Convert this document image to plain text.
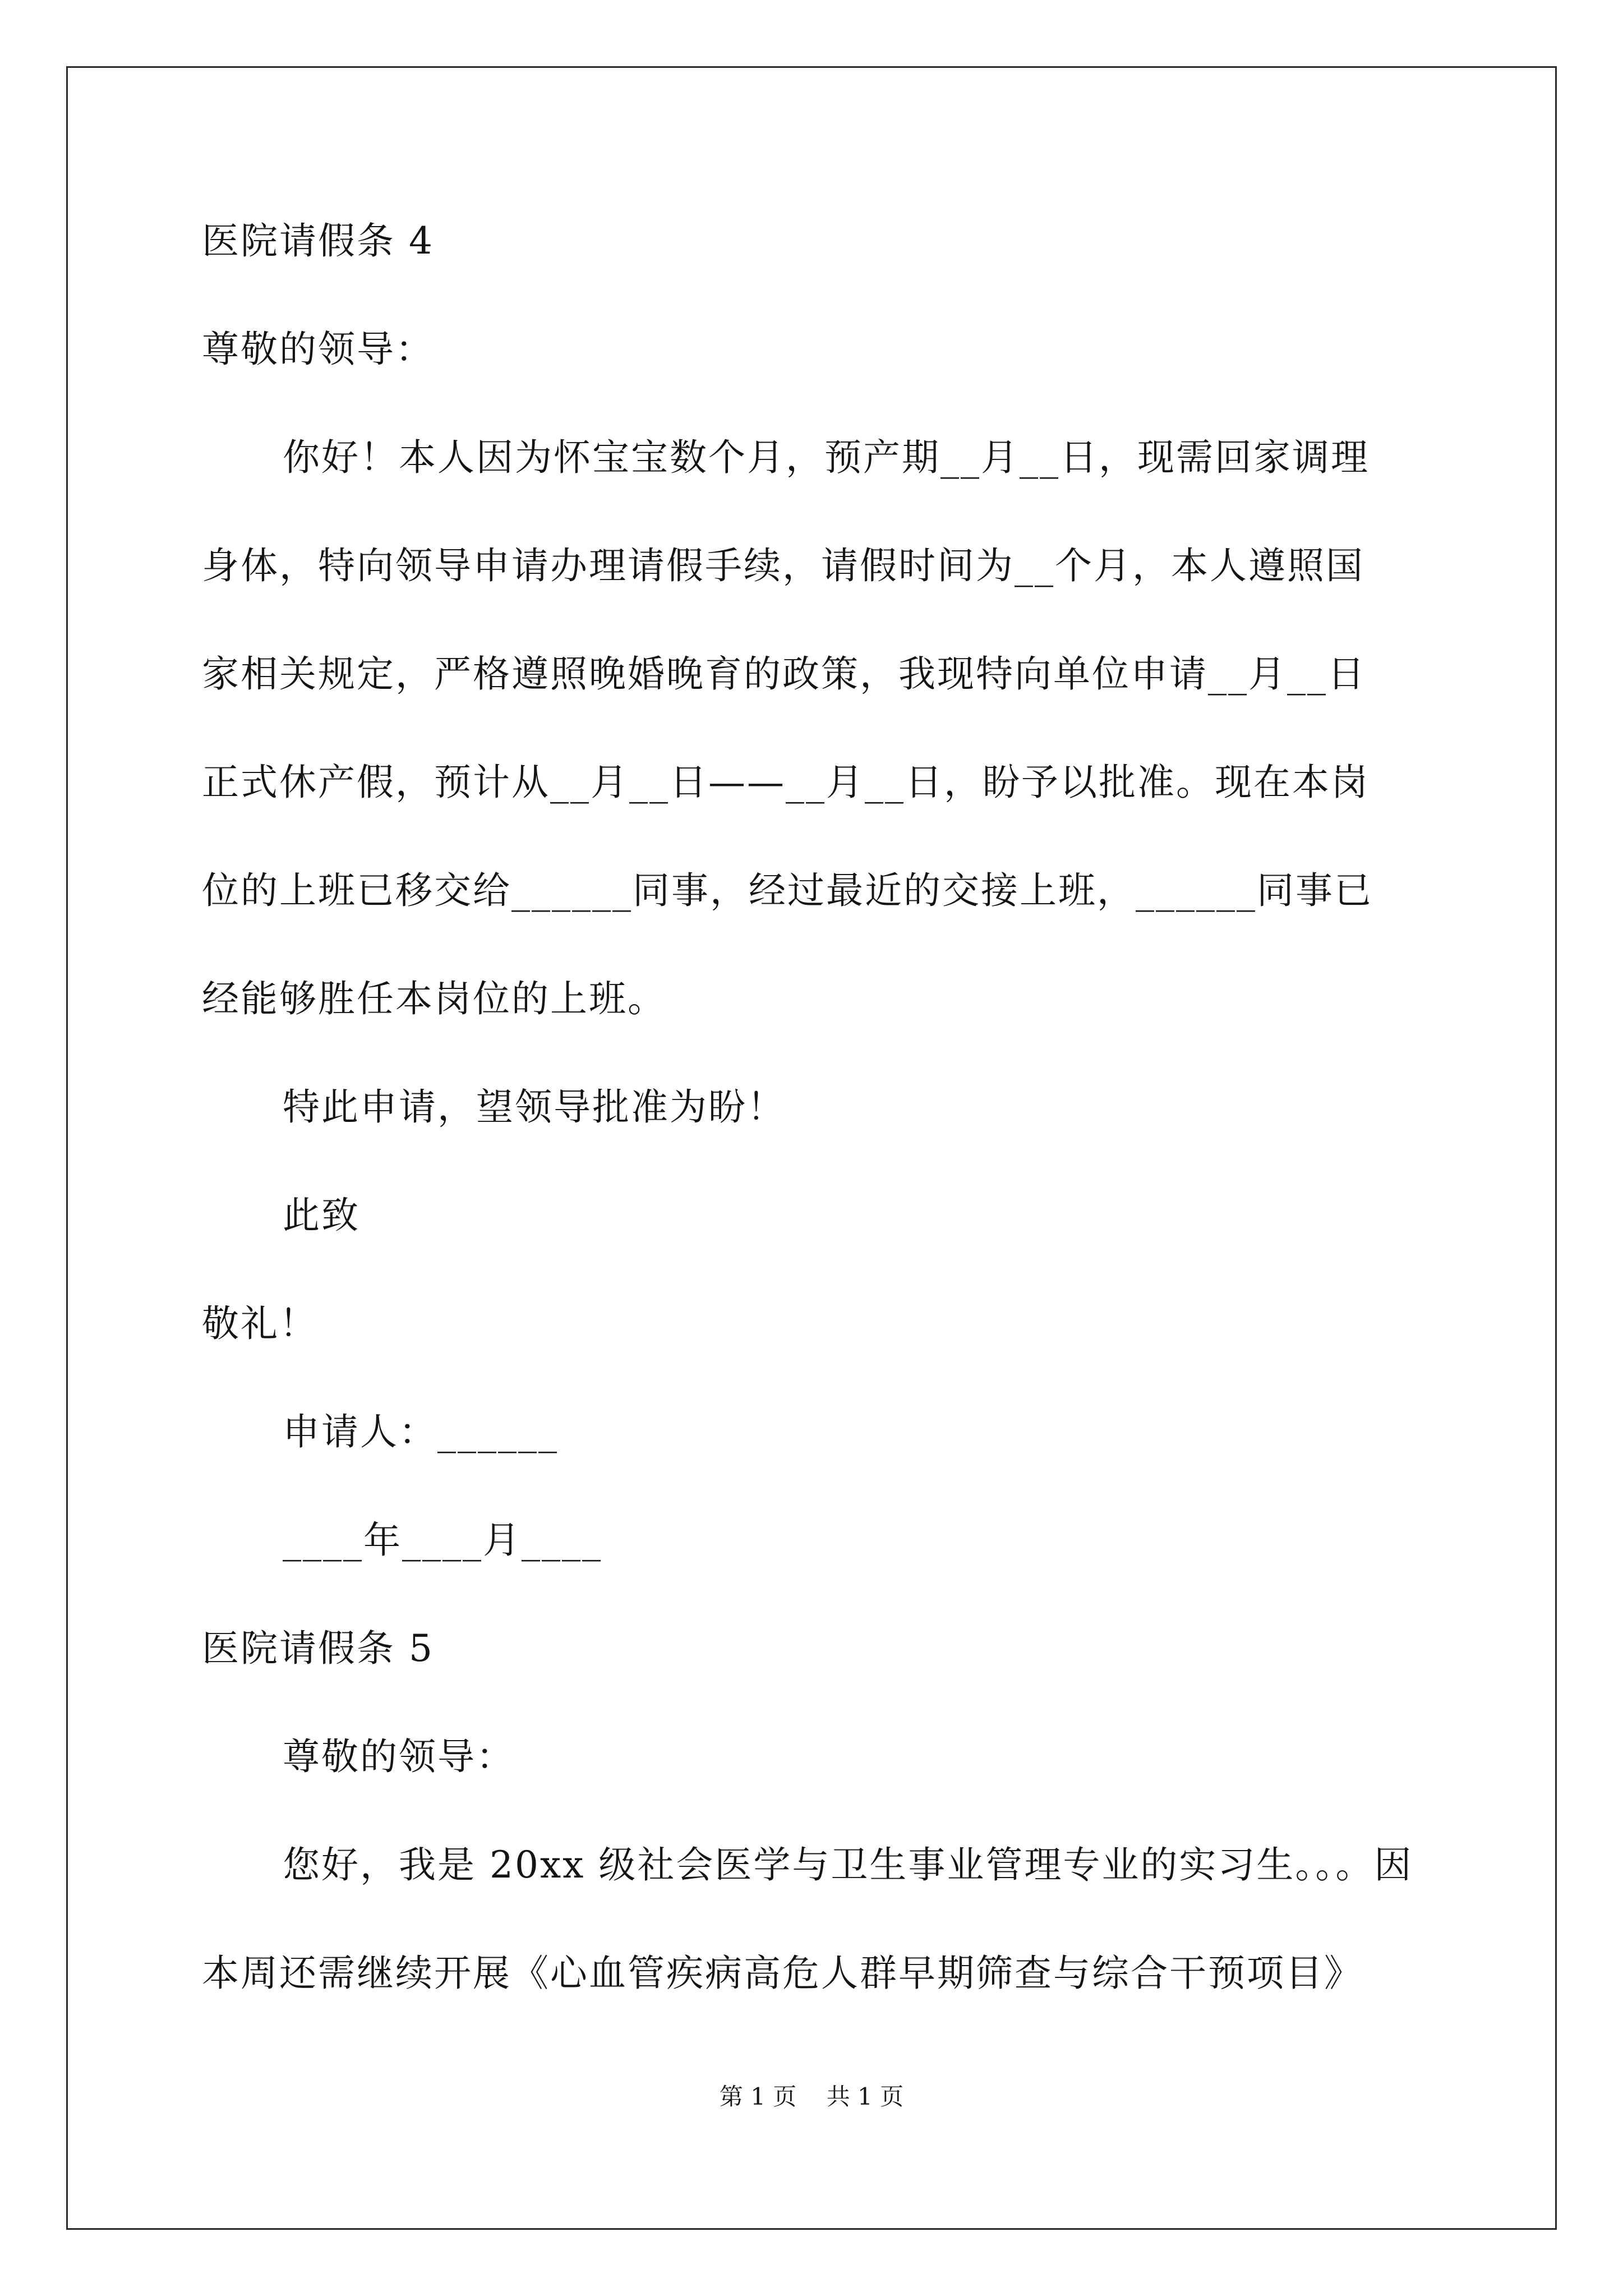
医院请假条 4
尊敬的领导：
你好！本人因为怀宝宝数个月，预产期__月__日，现需回家调理
身体，特向领导申请办理请假手续，请假时间为__个月，本人遵照国
家相关规定，严格遵照晚婚晚育的政策，我现特向单位申请__月__日
正式休产假，预计从__月__日——__月__日，盼予以批准。现在本岗
位的上班已移交给______同事，经过最近的交接上班，______同事已
经能够胜任本岗位的上班。
特此申请，望领导批准为盼！
此致
敬礼！
申请人：______
____年____月____
医院请假条 5
尊敬的领导：
您好，我是 20xx 级社会医学与卫生事业管理专业的实习生。。。因
本周还需继续开展《心血管疾病高危人群早期筛查与综合干预项目》
第 1 页    共 1 页
